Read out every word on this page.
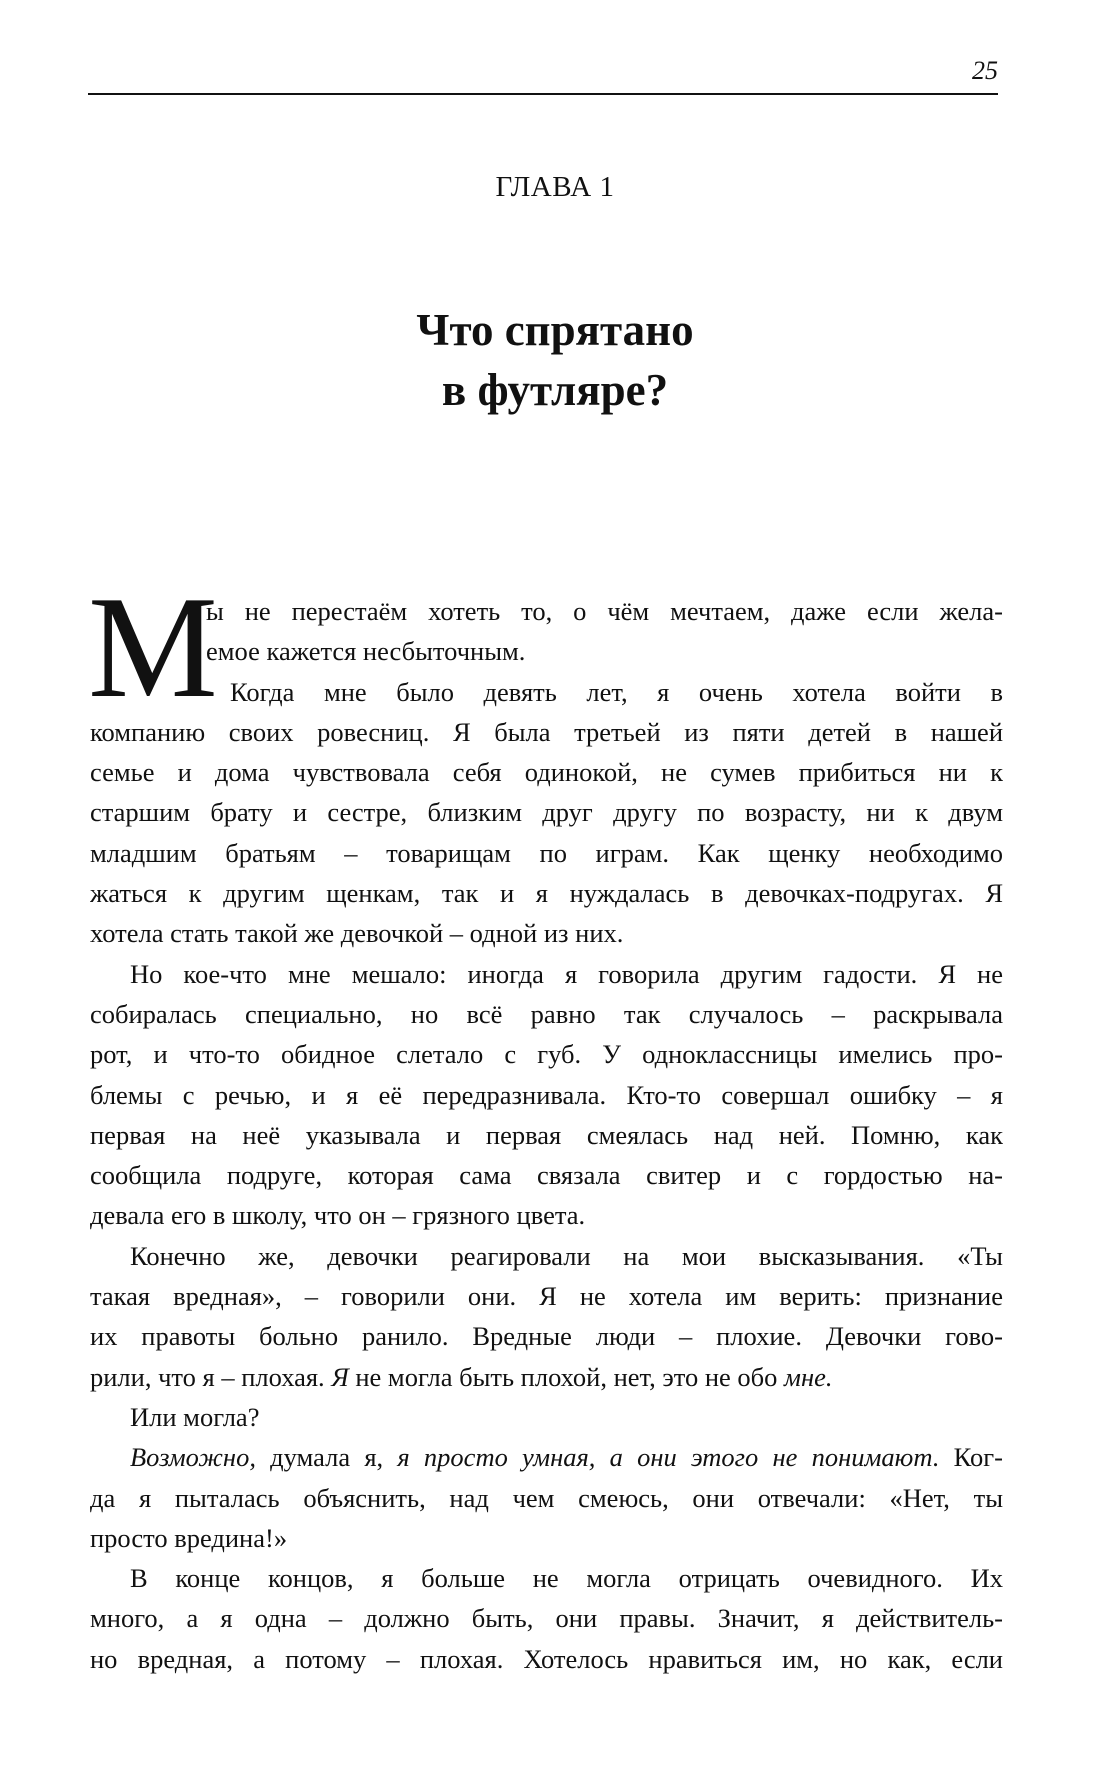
25
ГЛАВА 1
Что спрятано
в футляре?
М
ы не перестаём хотеть то, о чём мечтаем, даже если жела-
емое кажется несбыточным.
Когда мне было девять лет, я очень хотела войти в
компанию своих ровесниц. Я была третьей из пяти детей в нашей
семье и дома чувствовала себя одинокой, не сумев прибиться ни к
старшим брату и сестре, близким друг другу по возрасту, ни к двум
младшим братьям – товарищам по играм. Как щенку необходимо
жаться к другим щенкам, так и я нуждалась в девочках-подругах. Я
хотела стать такой же девочкой – одной из них.
Но кое-что мне мешало: иногда я говорила другим гадости. Я не
собиралась специально, но всё равно так случалось – раскрывала
рот, и что-то обидное слетало с губ. У одноклассницы имелись про-
блемы с речью, и я её передразнивала. Кто-то совершал ошибку – я
первая на неё указывала и первая смеялась над ней. Помню, как
сообщила подруге, которая сама связала свитер и с гордостью на-
девала его в школу, что он – грязного цвета.
Конечно же, девочки реагировали на мои высказывания. «Ты
такая вредная», – говорили они. Я не хотела им верить: признание
их правоты больно ранило. Вредные люди – плохие. Девочки гово-
рили, что я – плохая. Я не могла быть плохой, нет, это не обо мне.
Или могла?
Возможно, думала я, я просто умная, а они этого не понимают. Ког-
да я пыталась объяснить, над чем смеюсь, они отвечали: «Нет, ты
просто вредина!»
В конце концов, я больше не могла отрицать очевидного. Их
много, а я одна – должно быть, они правы. Значит, я действитель-
но вредная, а потому – плохая. Хотелось нравиться им, но как, если
